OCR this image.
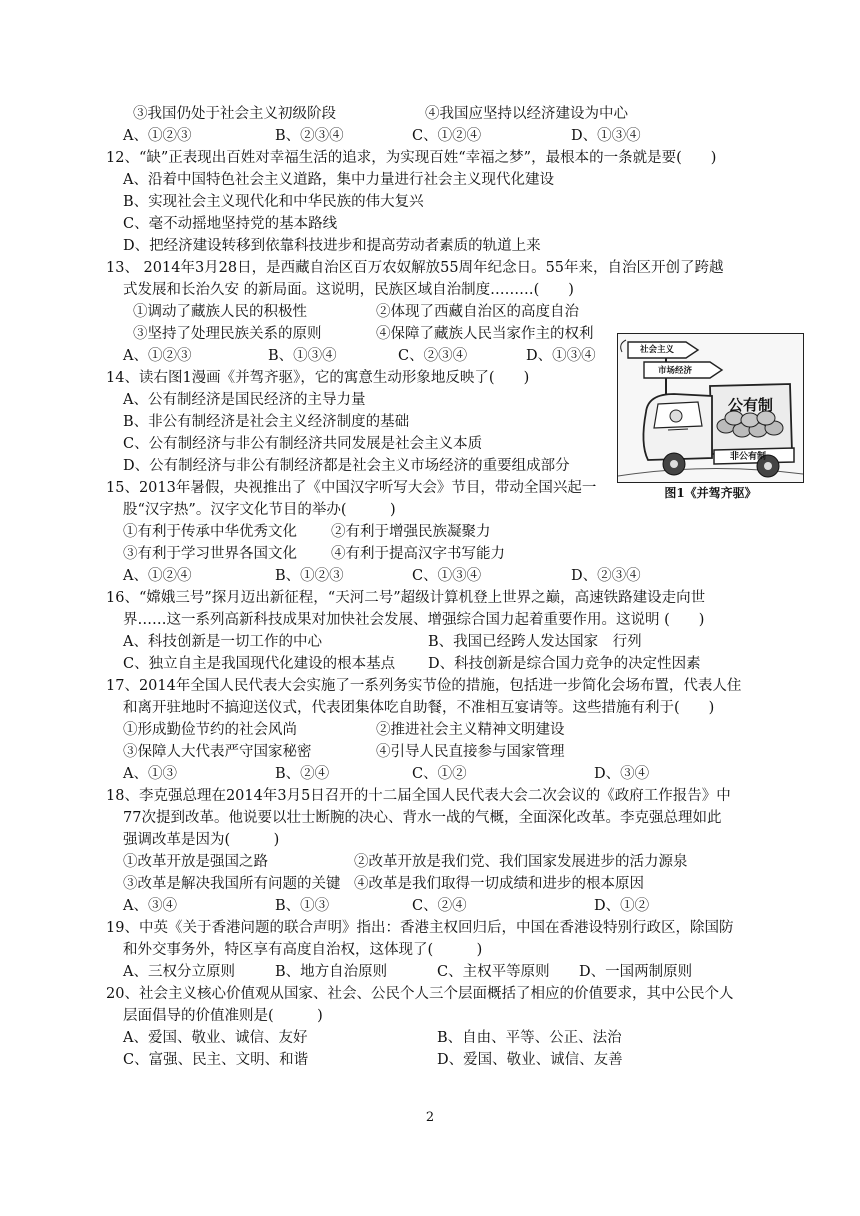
③我国仍处于社会主义初级阶段	④我国应坚持以经济建设为中心
A、①②③	B、②③④	C、①②④	D、①③④
12、“缺”正表现出百姓对幸福生活的追求，为实现百姓“幸福之梦”，最根本的一条就是要(　　)
A、沿着中国特色社会主义道路，集中力量进行社会主义现代化建设
B、实现社会主义现代化和中华民族的伟大复兴
C、毫不动摇地坚持党的基本路线
D、把经济建设转移到依靠科技进步和提高劳动者素质的轨道上来
13、 2014年3月28日，是西藏自治区百万农奴解放55周年纪念日。55年来，自治区开创了跨越
式发展和长治久安 的新局面。这说明，民族区域自治制度………(　　)
①调动了藏族人民的积极性	②体现了西藏自治区的高度自治
③坚持了处理民族关系的原则	④保障了藏族人民当家作主的权利
A、①②③	B、①③④	C、②③④	D、①③④
14、读右图1漫画《并驾齐驱》，它的寓意生动形象地反映了(　　)
A、公有制经济是国民经济的主导力量
B、非公有制经济是社会主义经济制度的基础
C、公有制经济与非公有制经济共同发展是社会主义本质
D、公有制经济与非公有制经济都是社会主义市场经济的重要组成部分
15、2013年暑假，央视推出了《中国汉字听写大会》节目，带动全国兴起一
股“汉字热”。汉字文化节目的举办(　　　)
①有利于传承中华优秀文化 ②有利于增强民族凝聚力
③有利于学习世界各国文化 ④有利于提高汉字书写能力
A、①②④	B、①②③	C、①③④	D、②③④
16、“嫦娥三号”探月迈出新征程，“天河二号”超级计算机登上世界之巅，高速铁路建设走向世
界……这一系列高新科技成果对加快社会发展、增强综合国力起着重要作用。这说明 (　　)
A、科技创新是一切工作的中心	B、我国已经跨人发达国家　行列
C、独立自主是我国现代化建设的根本基点 D、科技创新是综合国力竞争的决定性因素
17、2014年全国人民代表大会实施了一系列务实节俭的措施，包括进一步简化会场布置，代表人住
和离开驻地时不搞迎送仪式，代表团集体吃自助餐，不准相互宴请等。这些措施有利于(　　)
①形成勤俭节约的社会风尚	②推进社会主义精神文明建设
③保障人大代表严守国家秘密	④引导人民直接参与国家管理
A、①③	B、②④	C、①②	D、③④
18、李克强总理在2014年3月5日召开的十二届全国人民代表大会二次会议的《政府工作报告》中
77次提到改革。他说要以壮士断腕的决心、背水一战的气概，全面深化改革。李克强总理如此
强调改革是因为(　　　)
①改革开放是强国之路	②改革开放是我们党、我们国家发展进步的活力源泉
③改革是解决我国所有问题的关键 ④改革是我们取得一切成绩和进步的根本原因
A、③④	B、①③	C、②④	D、①②
19、中英《关于香港问题的联合声明》指出：香港主权回归后，中国在香港设特别行政区，除国防
和外交事务外，特区享有高度自治权，这体现了(　　　)
A、三权分立原则	B、地方自治原则	C、主权平等原则 D、一国两制原则
20、社会主义核心价值观从国家、社会、公民个人三个层面概括了相应的价值要求，其中公民个人
层面倡导的价值准则是(　　　)
A、爱国、敬业、诚信、友好	B、自由、平等、公正、法治
C、富强、民主、文明、和谐	D、爱国、敬业、诚信、友善
社会主义
市场经济
公有制
非公有制
图1《并驾齐驱》
2
